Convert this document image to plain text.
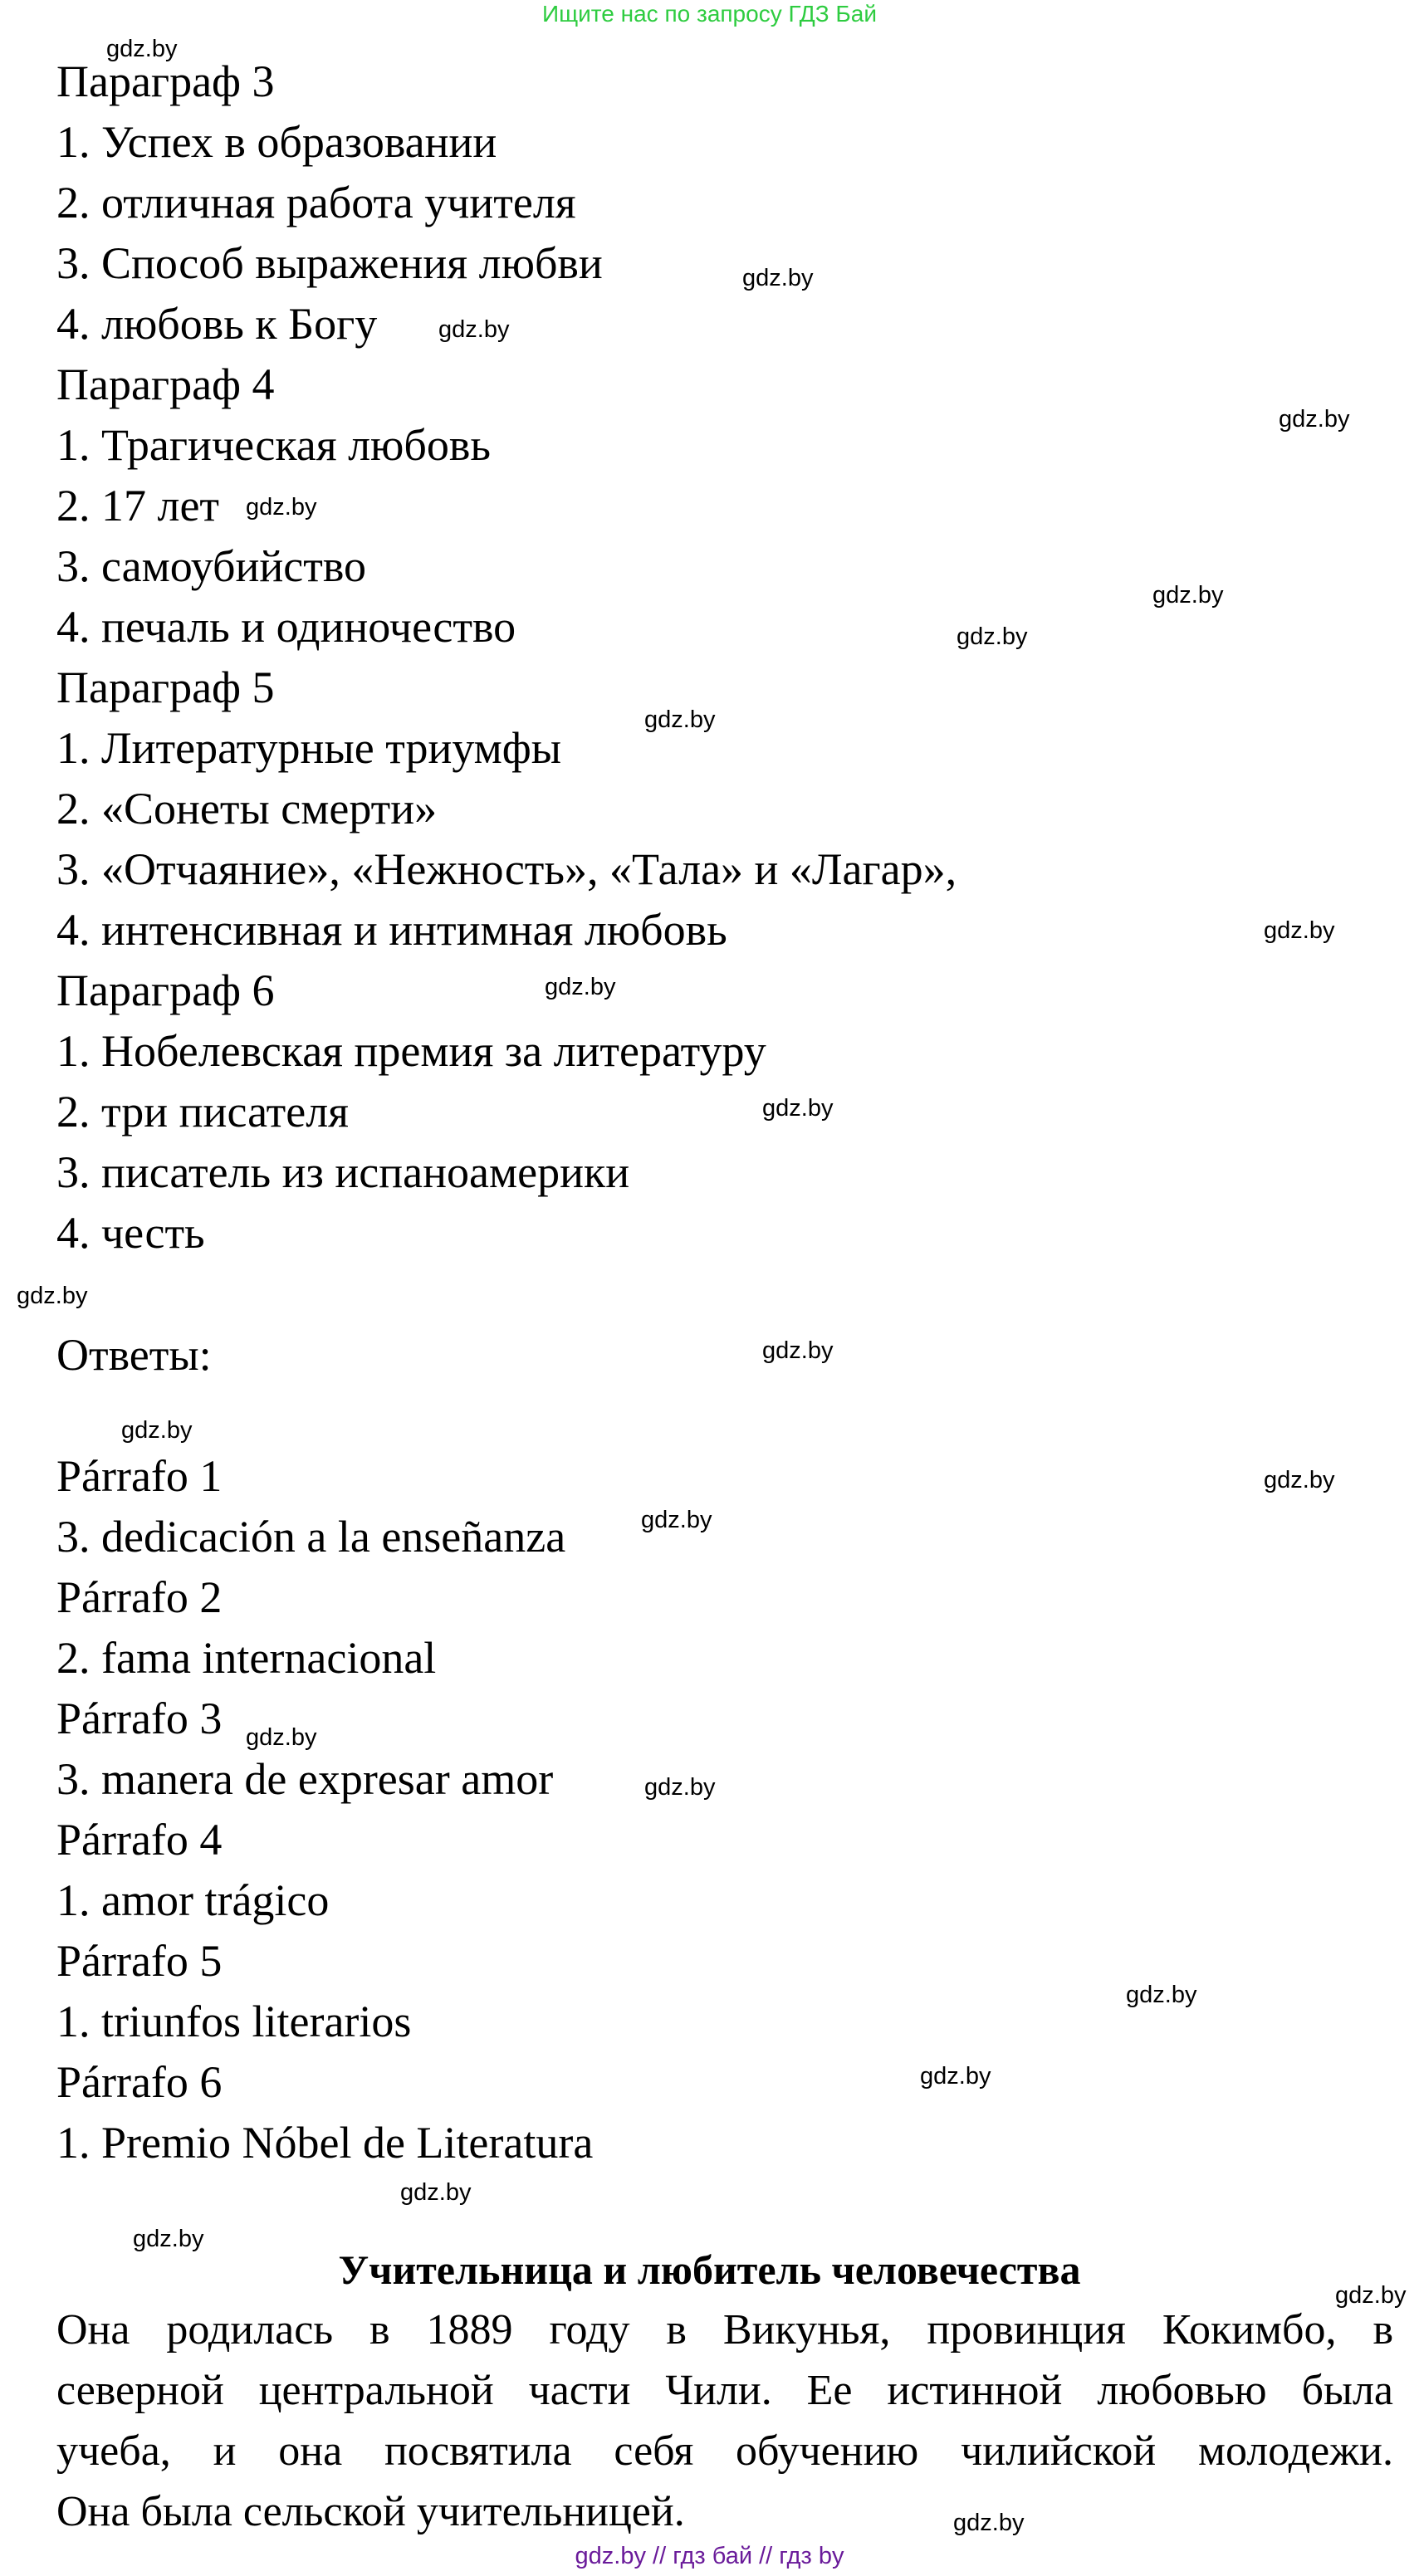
Ищите нас по запросу ГДЗ Бай
Параграф 3
1. Успех в образовании
2. отличная работа учителя
3. Способ выражения любви
4. любовь к Богу
Параграф 4
1. Трагическая любовь
2. 17 лет
3. самоубийство
4. печаль и одиночество
Параграф 5
1. Литературные триумфы
2. «Сонеты смерти»
3. «Отчаяние», «Нежность», «Тала» и «Лагар»,
4. интенсивная и интимная любовь
Параграф 6
1. Нобелевская премия за литературу
2. три писателя
3. писатель из испаноамерики
4. честь
Ответы:
Párrafo 1
3. dedicación a la enseñanza
Párrafo 2
2. fama internacional
Párrafo 3
3. manera de expresar amor
Párrafo 4
1. amor trágico
Párrafo 5
1. triunfos literarios
Párrafo 6
1. Premio Nóbel de Literatura
Учительница и любитель человечества
Она родилась в 1889 году в Викунья, провинция Кокимбо, в
северной центральной части Чили. Ее истинной любовью была
учеба, и она посвятила себя обучению чилийской молодежи.
Она была сельской учительницей.
gdz.by
gdz.by
gdz.by
gdz.by
gdz.by
gdz.by
gdz.by
gdz.by
gdz.by
gdz.by
gdz.by
gdz.by
gdz.by
gdz.by
gdz.by
gdz.by
gdz.by
gdz.by
gdz.by
gdz.by
gdz.by
gdz.by
gdz.by
gdz.by
gdz.by // гдз бай // гдз by
